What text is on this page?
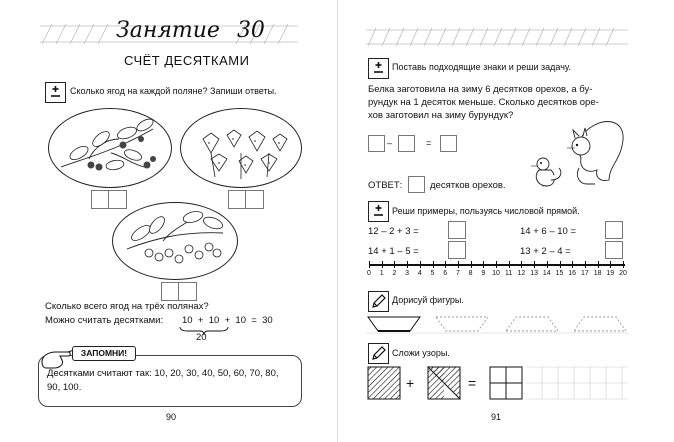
Занятие 30
СЧЁТ ДЕСЯТКАМИ
Сколько ягод на каждой поляне? Запиши ответы.
Сколько всего ягод на трёх полянах?
Можно считать десятками: 10 + 10 + 10 = 30
20
ЗАПОМНИ!
Десятками считают так: 10, 20, 30, 40, 50, 60, 70, 80,
90, 100.
90
Поставь подходящие знаки и реши задачу.
Белка заготовила на зиму 6 десятков орехов, а бу-
рундук на 1 десяток меньше. Сколько десятков оре-
хов заготовил на зиму бурундук?
–	=
ОТВЕТ:	десятков орехов.
Реши примеры, пользуясь числовой прямой.
12 – 2 + 3 =	14 + 6 – 10 =
14 + 1 – 5 =	13 + 2 – 4 =
0	1	2	3	4	5	6	7	8	9 10 11 12 13 14 15 16 17 18 19 20
Дорисуй фигуры.
Сложи узоры.
+	=
91
